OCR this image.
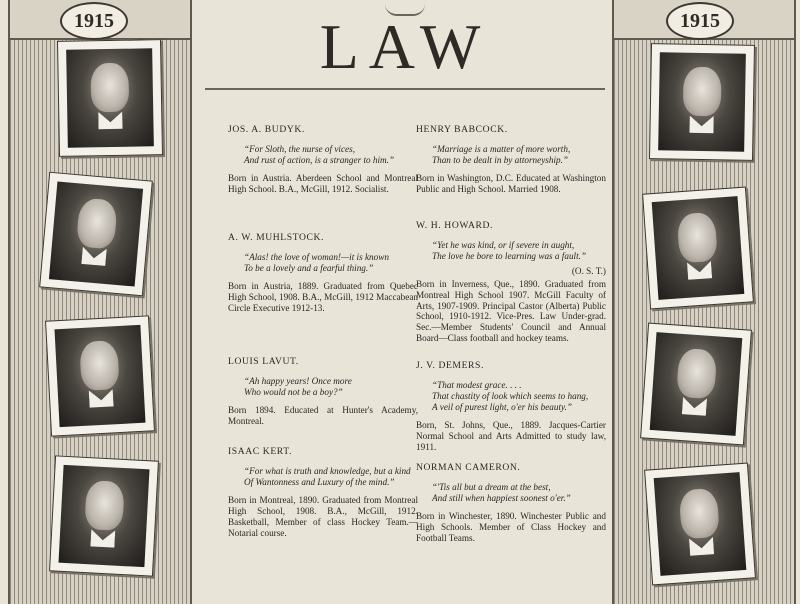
1915	1915
LAW
JOS. A. BUDYK.
“For Sloth, the nurse of vices,
And rust of action, is a stranger to him.”
Born in Austria. Aberdeen School and Montreal High School. B.A., McGill, 1912. Socialist.
A. W. MUHLSTOCK.
“Alas! the love of woman!—it is known
To be a lovely and a fearful thing.”
Born in Austria, 1889. Graduated from Quebec High School, 1908. B.A., McGill, 1912 Maccabean Circle Executive 1912-13.
LOUIS LAVUT.
“Ah happy years! Once more
Who would not be a boy?”
Born 1894. Educated at Hunter's Academy, Montreal.
ISAAC KERT.
“For what is truth and knowledge, but a kind
Of Wantonness and Luxury of the mind.”
Born in Montreal, 1890. Graduated from Montreal High School, 1908. B.A., McGill, 1912. Basketball, Member of class Hockey Team.—Notarial course.
HENRY BABCOCK.
“Marriage is a matter of more worth,
Than to be dealt in by attorneyship.”
Born in Washington, D.C. Educated at Washington Public and High School. Married 1908.
W. H. HOWARD.
“Yet he was kind, or if severe in aught,
The love he bore to learning was a fault.”
(O. S. T.)
Born in Inverness, Que., 1890. Graduated from Montreal High School 1907. McGill Faculty of Arts, 1907-1909. Principal Castor (Alberta) Public School, 1910-1912. Vice-Pres. Law Under-grad. Sec.—Member Students' Council and Annual Board—Class football and hockey teams.
J. V. DEMERS.
“That modest grace. . . .
That chastity of look which seems to hang,
A veil of purest light, o'er his beauty.”
Born, St. Johns, Que., 1889. Jacques-Cartier Normal School and Arts Admitted to study law, 1911.
NORMAN CAMERON.
“'Tis all but a dream at the best,
And still when happiest soonest o'er.”
Born in Winchester, 1890. Winchester Public and High Schools. Member of Class Hockey and Football Teams.
